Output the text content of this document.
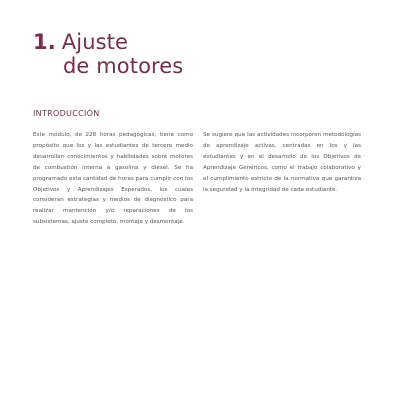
1. Ajuste
de motores
INTRODUCCIÓN

Este módulo, de 228 horas pedagógicas, tiene como propósito que los y las estudiantes de tercero medio desarrollen conocimientos y habilidades sobre motores de combustión interna a gasolina y diésel. Se ha programado esta cantidad de horas para cumplir con los Objetivos y Aprendizajes Esperados, los cuales consideran estrategias y medios de diagnóstico para realizar mantención y/o reparaciones de los subsistemas, ajuste completo, montaje y desmontaje.

Se sugiere que las actividades incorporen metodologías de aprendizaje activas, centradas en los y las estudiantes y en el desarrollo de los Objetivos de Aprendizaje Genéricos, como el trabajo colaborativo y el cumplimiento estricto de la normativa que garantiza la seguridad y la integridad de cada estudiante.
